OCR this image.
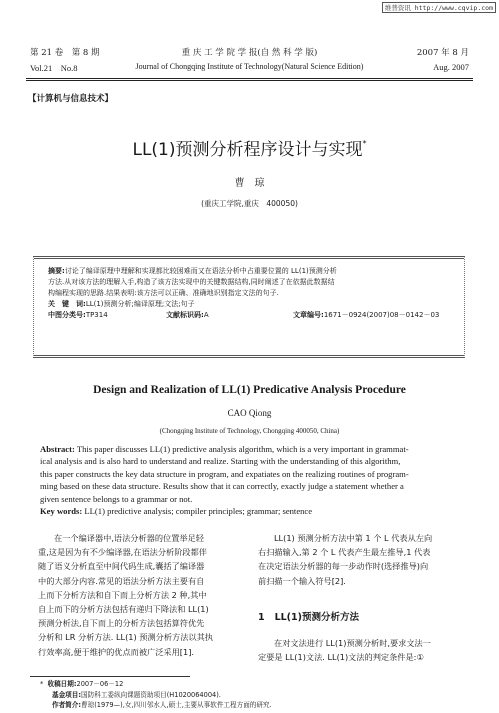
维普资讯 http://www.cqvip.com
第 21 卷　第 8 期	重 庆 工 学 院 学 报(自 然 科 学 版)	2007 年 8 月
Vol.21　No.8	Journal of Chongqing Institute of Technology(Natural Science Edition)	Aug. 2007
【计算机与信息技术】
LL(1)预测分析程序设计与实现*
曹　琼
(重庆工学院,重庆　400050)
摘要:讨论了编译原理中理解和实现都比较困难而又在语法分析中占重要位置的 LL(1)预测分析
方法.从对该方法的理解入手,构造了该方法实现中的关键数据结构,同时阐述了在依据此数据结
构编程实现的思路.结果表明:该方法可以正确、准确地识别指定文法的句子.
关　键　词:LL(1)预测分析;编译原理;文法;句子
中图分类号:TP314	文献标识码:A	文章编号:1671－0924(2007)08－0142－03
Design and Realization of LL(1) Predicative Analysis Procedure
CAO Qiong
(Chongqing Institute of Technology, Chongqing 400050, China)
Abstract: This paper discusses LL(1) predictive analysis algorithm, which is a very important in grammat-
ical analysis and is also hard to understand and realize. Starting with the understanding of this algorithm,
this paper constructs the key data structure in program, and expatiates on the realizing routines of program-
ming based on these data structure. Results show that it can correctly, exactly judge a statement whether a
given sentence belongs to a grammar or not.
Key words: LL(1) predictive analysis; compiler principles; grammar; sentence
在一个编译器中,语法分析器的位置举足轻
重,这是因为有不少编译器,在语法分析阶段都伴
随了语义分析直至中间代码生成,囊括了编译器
中的大部分内容.常见的语法分析方法主要有自
上而下分析方法和自下而上分析方法 2 种,其中
自上而下的分析方法包括有递归下降法和 LL(1)
预测分析法,自下而上的分析方法包括算符优先
分析和 LR 分析方法. LL(1) 预测分析方法以其执
行效率高,便于维护的优点而被广泛采用[1].
LL(1) 预测分析方法中第 1 个 L 代表从左向
右扫描输入,第 2 个 L 代表产生最左推导,1 代表
在决定语法分析器的每一步动作时(选择推导)向
前扫描一个输入符号[2].
1 LL(1)预测分析方法
在对文法进行 LL(1)预测分析时,要求文法一
定要是 LL(1)文法. LL(1)文法的判定条件是:①
* 收稿日期:2007－06－12
基金项目:国防科工委纵向课题资助项目(H1020064004).
作者简介:曹琼(1979—),女,四川邻水人,硕士,主要从事软件工程方面的研究.
